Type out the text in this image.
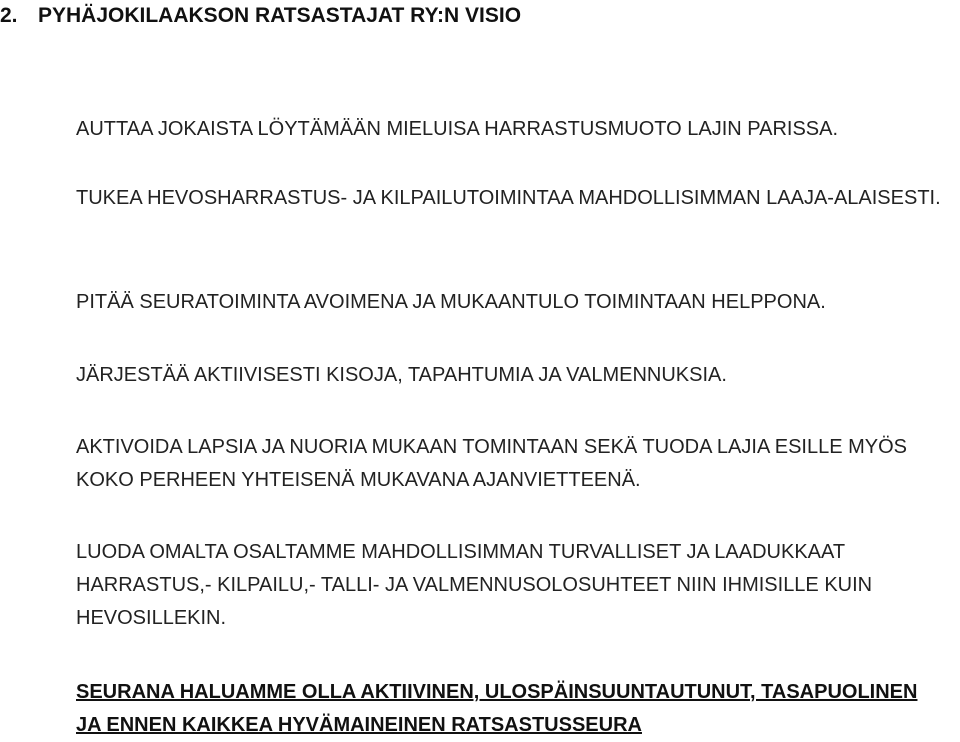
2. PYHÄJOKILAAKSON RATSASTAJAT RY:N VISIO

AUTTAA JOKAISTA LÖYTÄMÄÄN MIELUISA HARRASTUSMUOTO LAJIN PARISSA.

TUKEA HEVOSHARRASTUS- JA KILPAILUTOIMINTAA MAHDOLLISIMMAN LAAJA-ALAISESTI.

PITÄÄ SEURATOIMINTA AVOIMENA JA MUKAANTULO TOIMINTAAN HELPPONA.

JÄRJESTÄÄ AKTIIVISESTI KISOJA, TAPAHTUMIA JA VALMENNUKSIA.

AKTIVOIDA LAPSIA JA NUORIA MUKAAN TOMINTAAN SEKÄ TUODA LAJIA ESILLE MYÖS KOKO PERHEEN YHTEISENÄ MUKAVANA AJANVIETTEENÄ.

LUODA OMALTA OSALTAMME MAHDOLLISIMMAN TURVALLISET JA LAADUKKAAT HARRASTUS,- KILPAILU,- TALLI- JA VALMENNUSOLOSUHTEET NIIN IHMISILLE KUIN HEVOSILLEKIN.

SEURANA HALUAMME OLLA AKTIIVINEN, ULOSPÄINSUUNTAUTUNUT, TASAPUOLINEN JA ENNEN KAIKKEA HYVÄMAINEINEN RATSASTUSSEURA
